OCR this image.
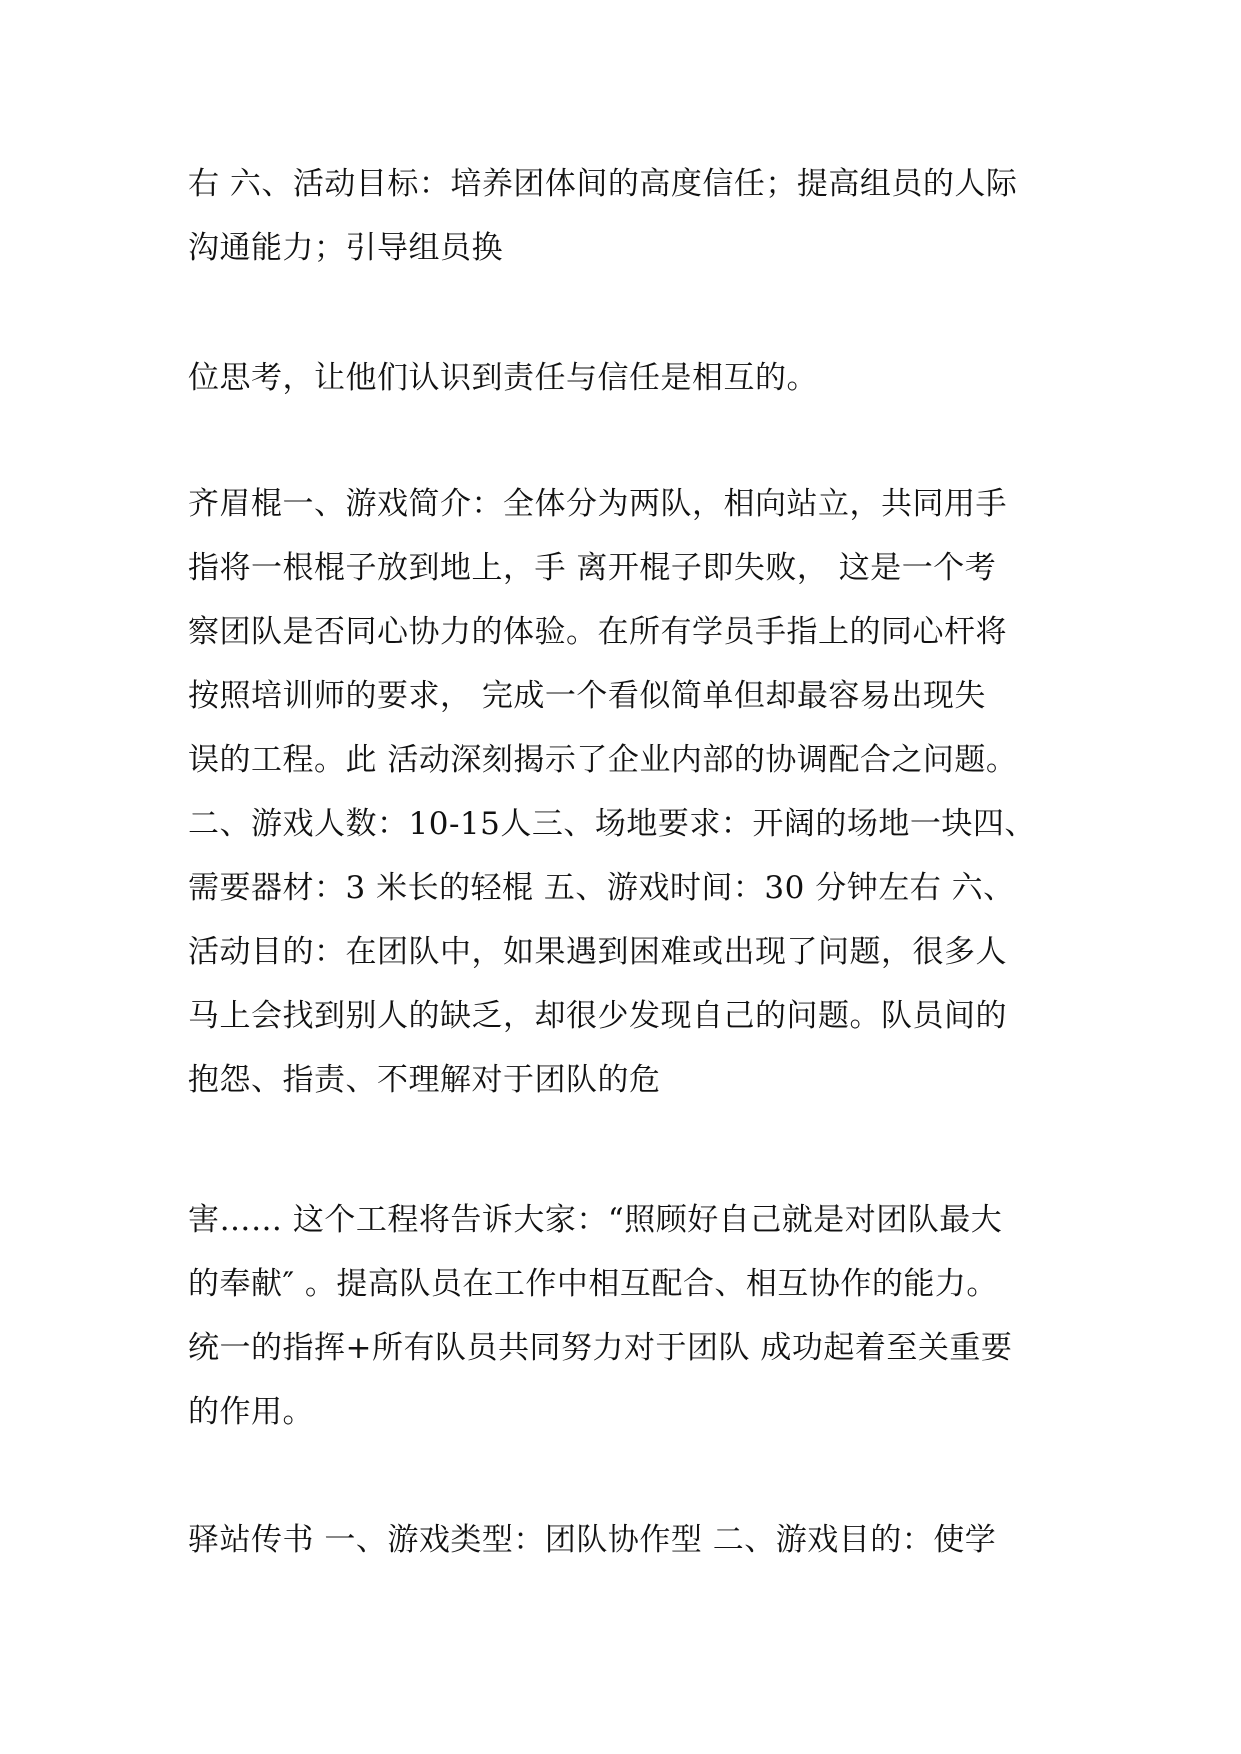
右 六、活动目标：培养团体间的高度信任；提高组员的人际
沟通能力；引导组员换

位思考，让他们认识到责任与信任是相互的。

齐眉棍一、游戏简介：全体分为两队，相向站立，共同用手
指将一根棍子放到地上，手 离开棍子即失败， 这是一个考
察团队是否同心协力的体验。在所有学员手指上的同心杆将
按照培训师的要求， 完成一个看似简单但却最容易出现失
误的工程。此 活动深刻揭示了企业内部的协调配合之问题。
二、游戏人数：10-15人三、场地要求：开阔的场地一块四、
需要器材：3 米长的轻棍 五、游戏时间：30 分钟左右 六、
活动目的：在团队中，如果遇到困难或出现了问题，很多人
马上会找到别人的缺乏，却很少发现自己的问题。队员间的
抱怨、指责、不理解对于团队的危

害…… 这个工程将告诉大家：“照顾好自己就是对团队最大
的奉献″ 。提高队员在工作中相互配合、相互协作的能力。
统一的指挥+所有队员共同努力对于团队 成功起着至关重要
的作用。

驿站传书 一、游戏类型：团队协作型 二、游戏目的：使学
